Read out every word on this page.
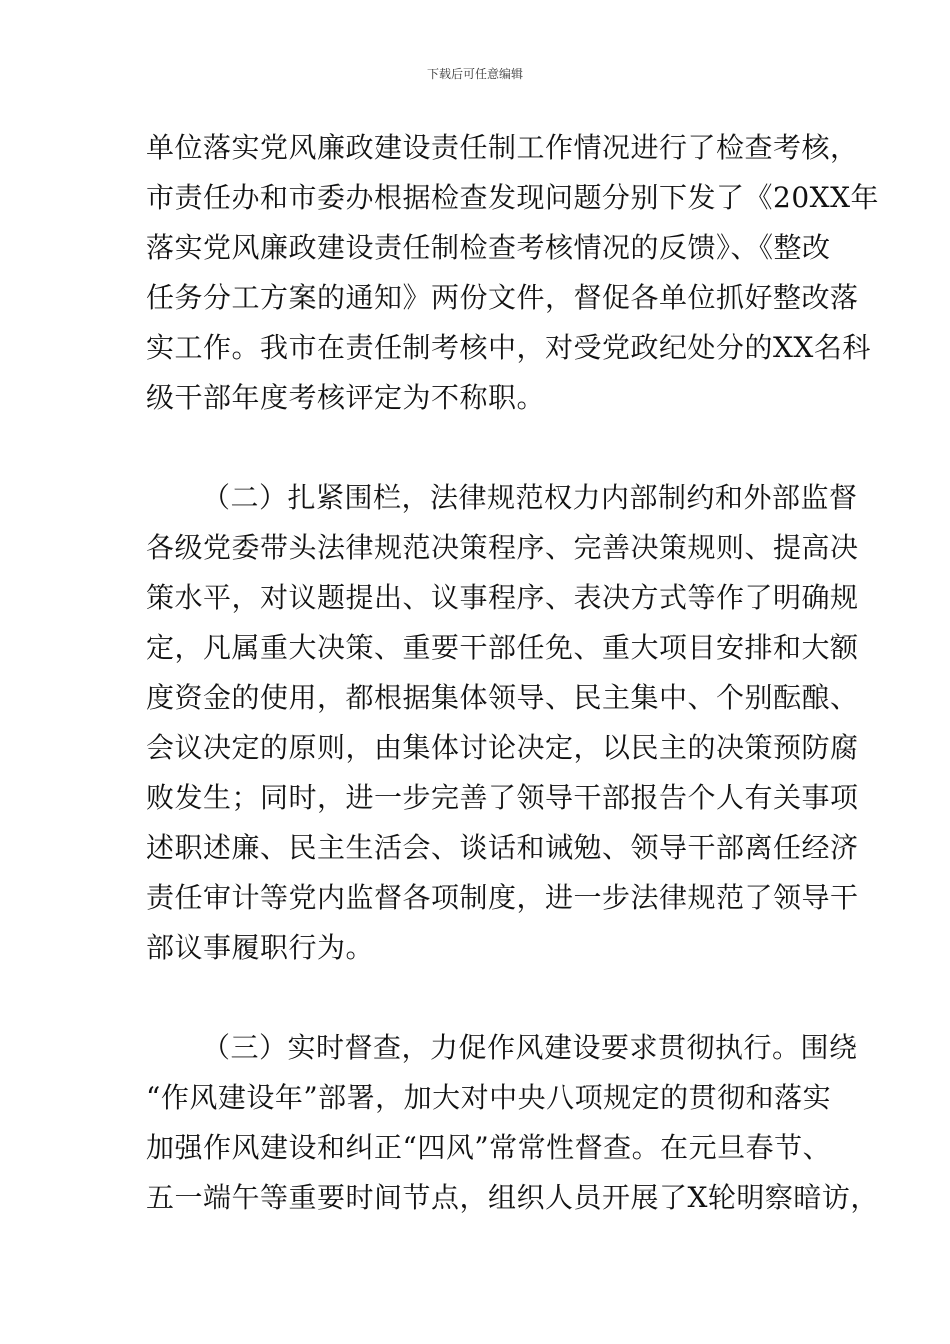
下载后可任意编辑
单位落实党风廉政建设责任制工作情况进行了检查考核，
市责任办和市委办根据检查发现问题分别下发了《20XX年
落实党风廉政建设责任制检查考核情况的反馈》、《整改
任务分工方案的通知》两份文件，督促各单位抓好整改落
实工作。我市在责任制考核中，对受党政纪处分的XX名科
级干部年度考核评定为不称职。
（二）扎紧围栏，法律规范权力内部制约和外部监督
各级党委带头法律规范决策程序、完善决策规则、提高决
策水平，对议题提出、议事程序、表决方式等作了明确规
定，凡属重大决策、重要干部任免、重大项目安排和大额
度资金的使用，都根据集体领导、民主集中、个别酝酿、
会议决定的原则，由集体讨论决定，以民主的决策预防腐
败发生；同时，进一步完善了领导干部报告个人有关事项
述职述廉、民主生活会、谈话和诫勉、领导干部离任经济
责任审计等党内监督各项制度，进一步法律规范了领导干
部议事履职行为。
（三）实时督查，力促作风建设要求贯彻执行。围绕
“作风建设年”部署，加大对中央八项规定的贯彻和落实
加强作风建设和纠正“四风”常常性督查。在元旦春节、
五一端午等重要时间节点，组织人员开展了X轮明察暗访，
